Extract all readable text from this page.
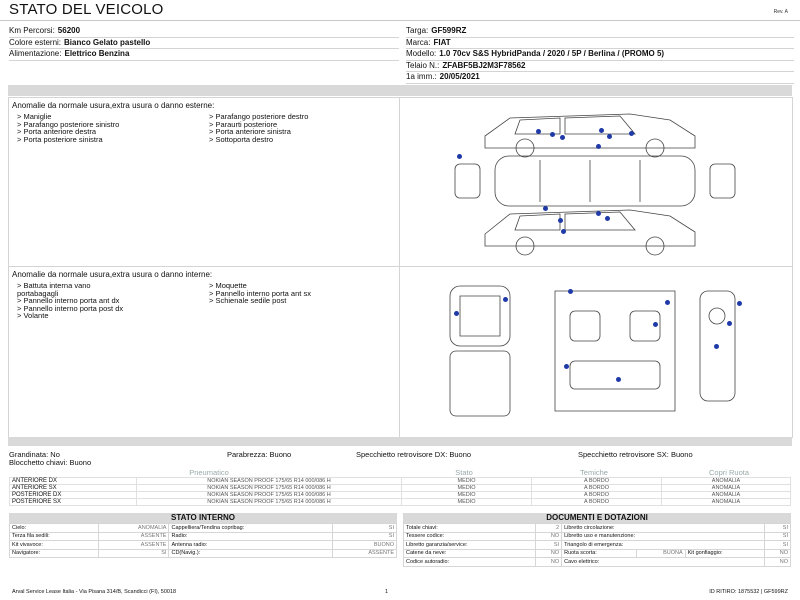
STATO DEL VEICOLO	Rev. A
Km Percorsi: 56200
Colore esterni: Bianco Gelato pastello
Alimentazione: Elettrico Benzina
Targa: GF599RZ
Marca: FIAT
Modello: 1.0 70cv S&S HybridPanda / 2020 / 5P / Berlina / (PROMO 5)
Telaio N.: ZFABF5BJ2M3F78562
1a imm.: 20/05/2021
Anomalie da normale usura,extra usura o danno esterne:
> Maniglie
> Parafango posteriore sinistro
> Porta anteriore destra
> Porta posteriore sinistra
> Parafango posteriore destro
> Paraurti posteriore
> Porta anteriore sinistra
> Sottoporta destro
Anomalie da normale usura,extra usura o danno interne:
> Battuta interna vano
portabagagli
> Pannello interno porta ant dx
> Pannello interno porta post dx
> Volante
> Moquette
> Pannello interno porta ant sx
> Schienale sedile post
Grandinata: No	Parabrezza: Buono	Specchietto retrovisore DX: Buono	Specchietto retrovisore SX: Buono
Blocchetto chiavi: Buono
Pneumatico	Stato	Temiche	Copri Ruota
ANTERIORE DX	NOKIAN SEASON PROOF 175/65 R14 000/086 H	MEDIO	A BORDO	ANOMALIA
ANTERIORE SX	NOKIAN SEASON PROOF 175/65 R14 000/086 H	MEDIO	A BORDO	ANOMALIA
POSTERIORE DX	NOKIAN SEASON PROOF 175/65 R14 000/086 H	MEDIO	A BORDO	ANOMALIA
POSTERIORE SX	NOKIAN SEASON PROOF 175/65 R14 000/086 H	MEDIO	A BORDO	ANOMALIA
STATO INTERNO
Cielo:	ANOMALIA	Cappelliera/Tendina copribag:	SI
Terza fila sedili:	ASSENTE	Radio:	SI
Kit vivavoce:	ASSENTE	Antenna radio:	BUONO
Navigatore:	SI	CD(Navig.):	ASSENTE
DOCUMENTI E DOTAZIONI
Totale chiavi:	2	Libretto circolazione:			SI
Tessere codice:	NO	Libretto uso e manutenzione:			SI
Libretto garanzia/service:	SI	Triangolo di emergenza:			SI
Catene da neve:	NO	Ruota scorta:	BUONA	Kit gonfiaggio:	NO
Codice autoradio:	NO	Cavo elettrico:			NO
Arval Service Lease Italia - Via Pisana 314/B, Scandicci (FI), 50018	1	ID RITIRO: 1875532 | GF599RZ
